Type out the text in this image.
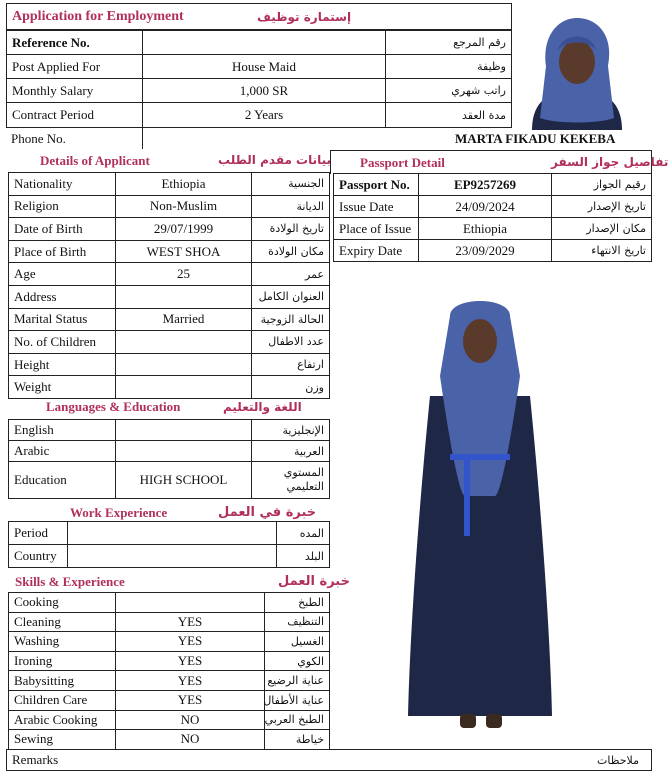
Application for Employment	إستمارة توظيف
Reference No.	رقم المرجع
Post Applied For	House Maid	وظيفة
Monthly Salary	1,000 SR	راتب شهري
Contract Period	2 Years	مدة العقد
Phone No.	MARTA FIKADU KEKEBA
Details of Applicant	بيانات مقدم الطلب
Nationality	Ethiopia	الجنسية
Religion	Non-Muslim	الديانة
Date of Birth	29/07/1999	تاريخ الولادة
Place of Birth	WEST SHOA	مكان الولادة
Age	25	عمر
Address	العنوان الكامل
Marital Status	Married	الحالة الزوجية
No. of Children	عدد الاطفال
Height	ارتفاع
Weight	وزن
Passport Detail	تفاصيل جواز السفر
Passport No.	EP9257269	رقيم الجواز
Issue Date	24/09/2024	تاريخ الإصدار
Place of Issue	Ethiopia	مكان الإصدار
Expiry Date	23/09/2029	تاريخ الانتهاء
Languages & Education	اللغة والتعليم
English	الإنجليزية
Arabic	العربية
Education	HIGH SCHOOL	المستوي التعليمي
Work Experience	خبرة في العمل
Period	المده
Country	البلد
Skills & Experience	خبرة العمل
Cooking	الطبخ
Cleaning	YES	التنظيف
Washing	YES	الغسيل
Ironing	YES	الكوي
Babysitting	YES	عناية الرضيع
Children Care	YES	عناية الأطفال
Arabic Cooking	NO	الطبخ العربي
Sewing	NO	خياطة
Remarks	ملاحظات
